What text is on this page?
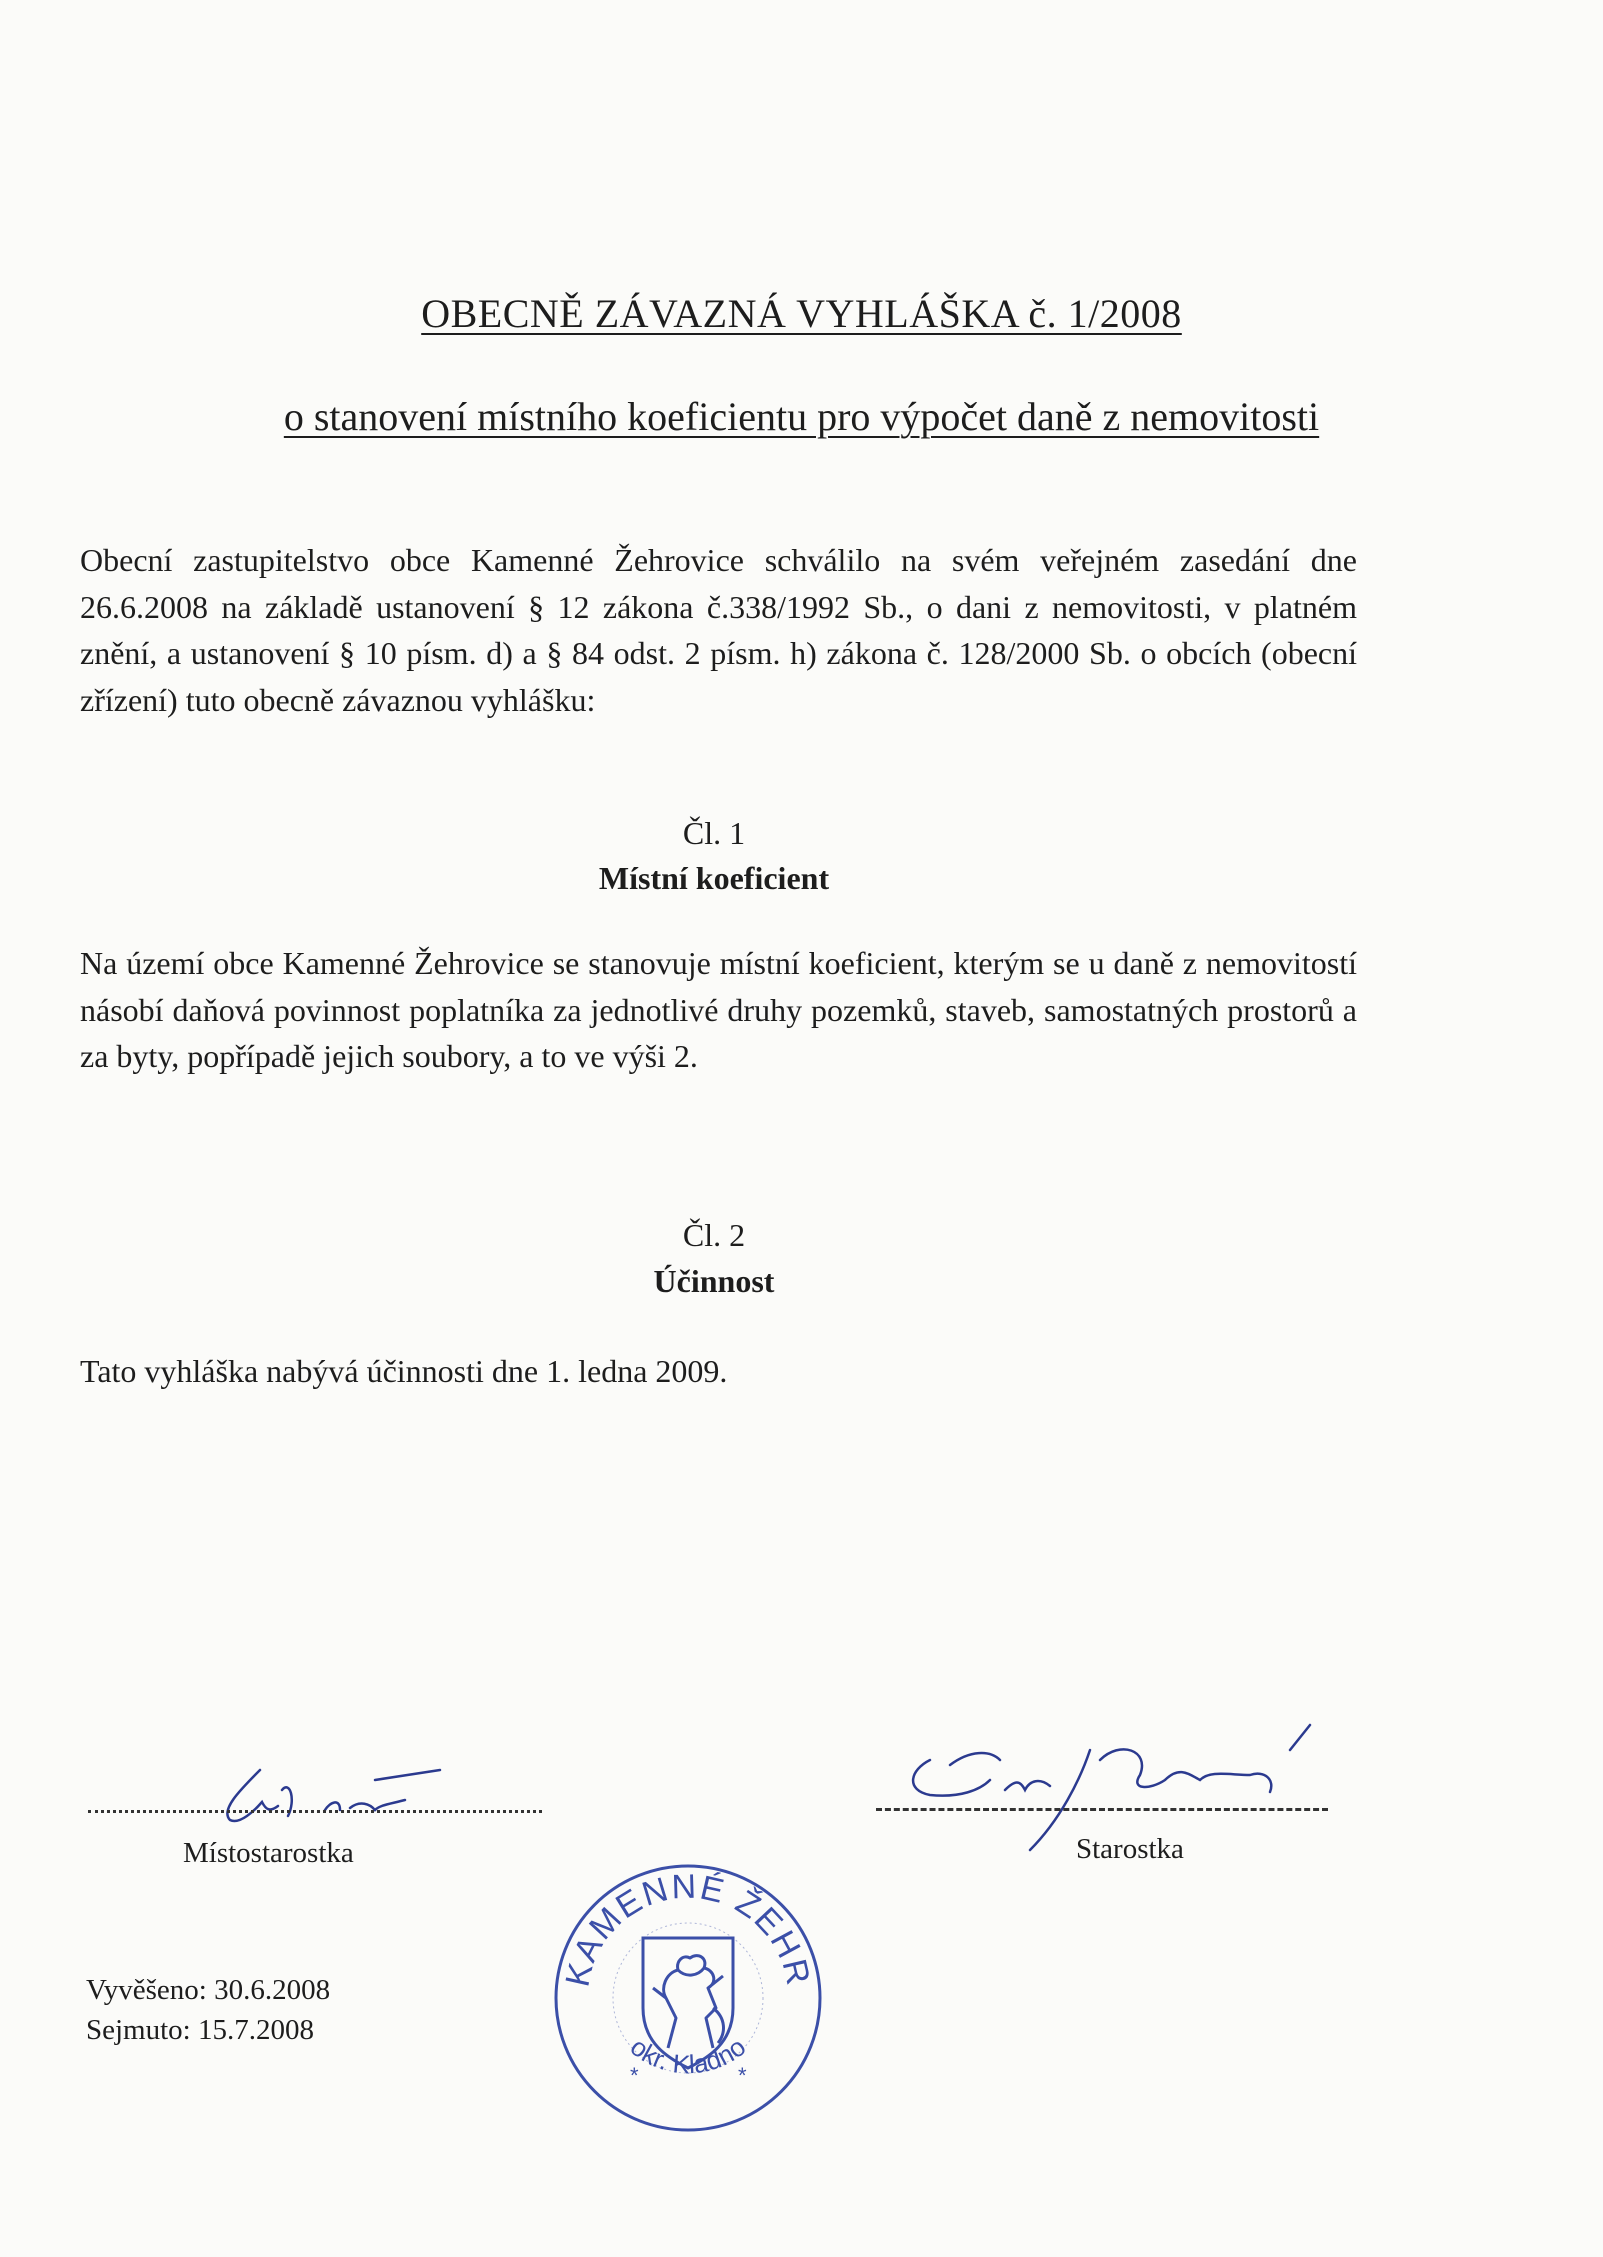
OBECNĚ ZÁVAZNÁ VYHLÁŠKA č. 1/2008
o stanovení místního koeficientu pro výpočet daně z nemovitosti
Obecní zastupitelstvo obce Kamenné Žehrovice schválilo na svém veřejném zasedání dne 26.6.2008 na základě ustanovení § 12 zákona č.338/1992 Sb., o dani z nemovitosti, v platném znění, a ustanovení § 10 písm. d) a § 84 odst. 2 písm. h) zákona č. 128/2000 Sb. o obcích (obecní zřízení) tuto obecně závaznou vyhlášku:
Čl. 1
Místní koeficient
Na území obce Kamenné Žehrovice se stanovuje místní koeficient, kterým se u daně z nemovitostí násobí daňová povinnost poplatníka za jednotlivé druhy pozemků, staveb, samostatných prostorů a za byty, popřípadě jejich soubory, a to ve výši 2.
Čl. 2
Účinnost
Tato vyhláška nabývá účinnosti dne 1. ledna 2009.
Místostarostka	Starostka
OBEC KAMENNÉ ŽEHROVICE
okr. Kladno
*	*
Vyvěšeno: 30.6.2008
Sejmuto: 15.7.2008
